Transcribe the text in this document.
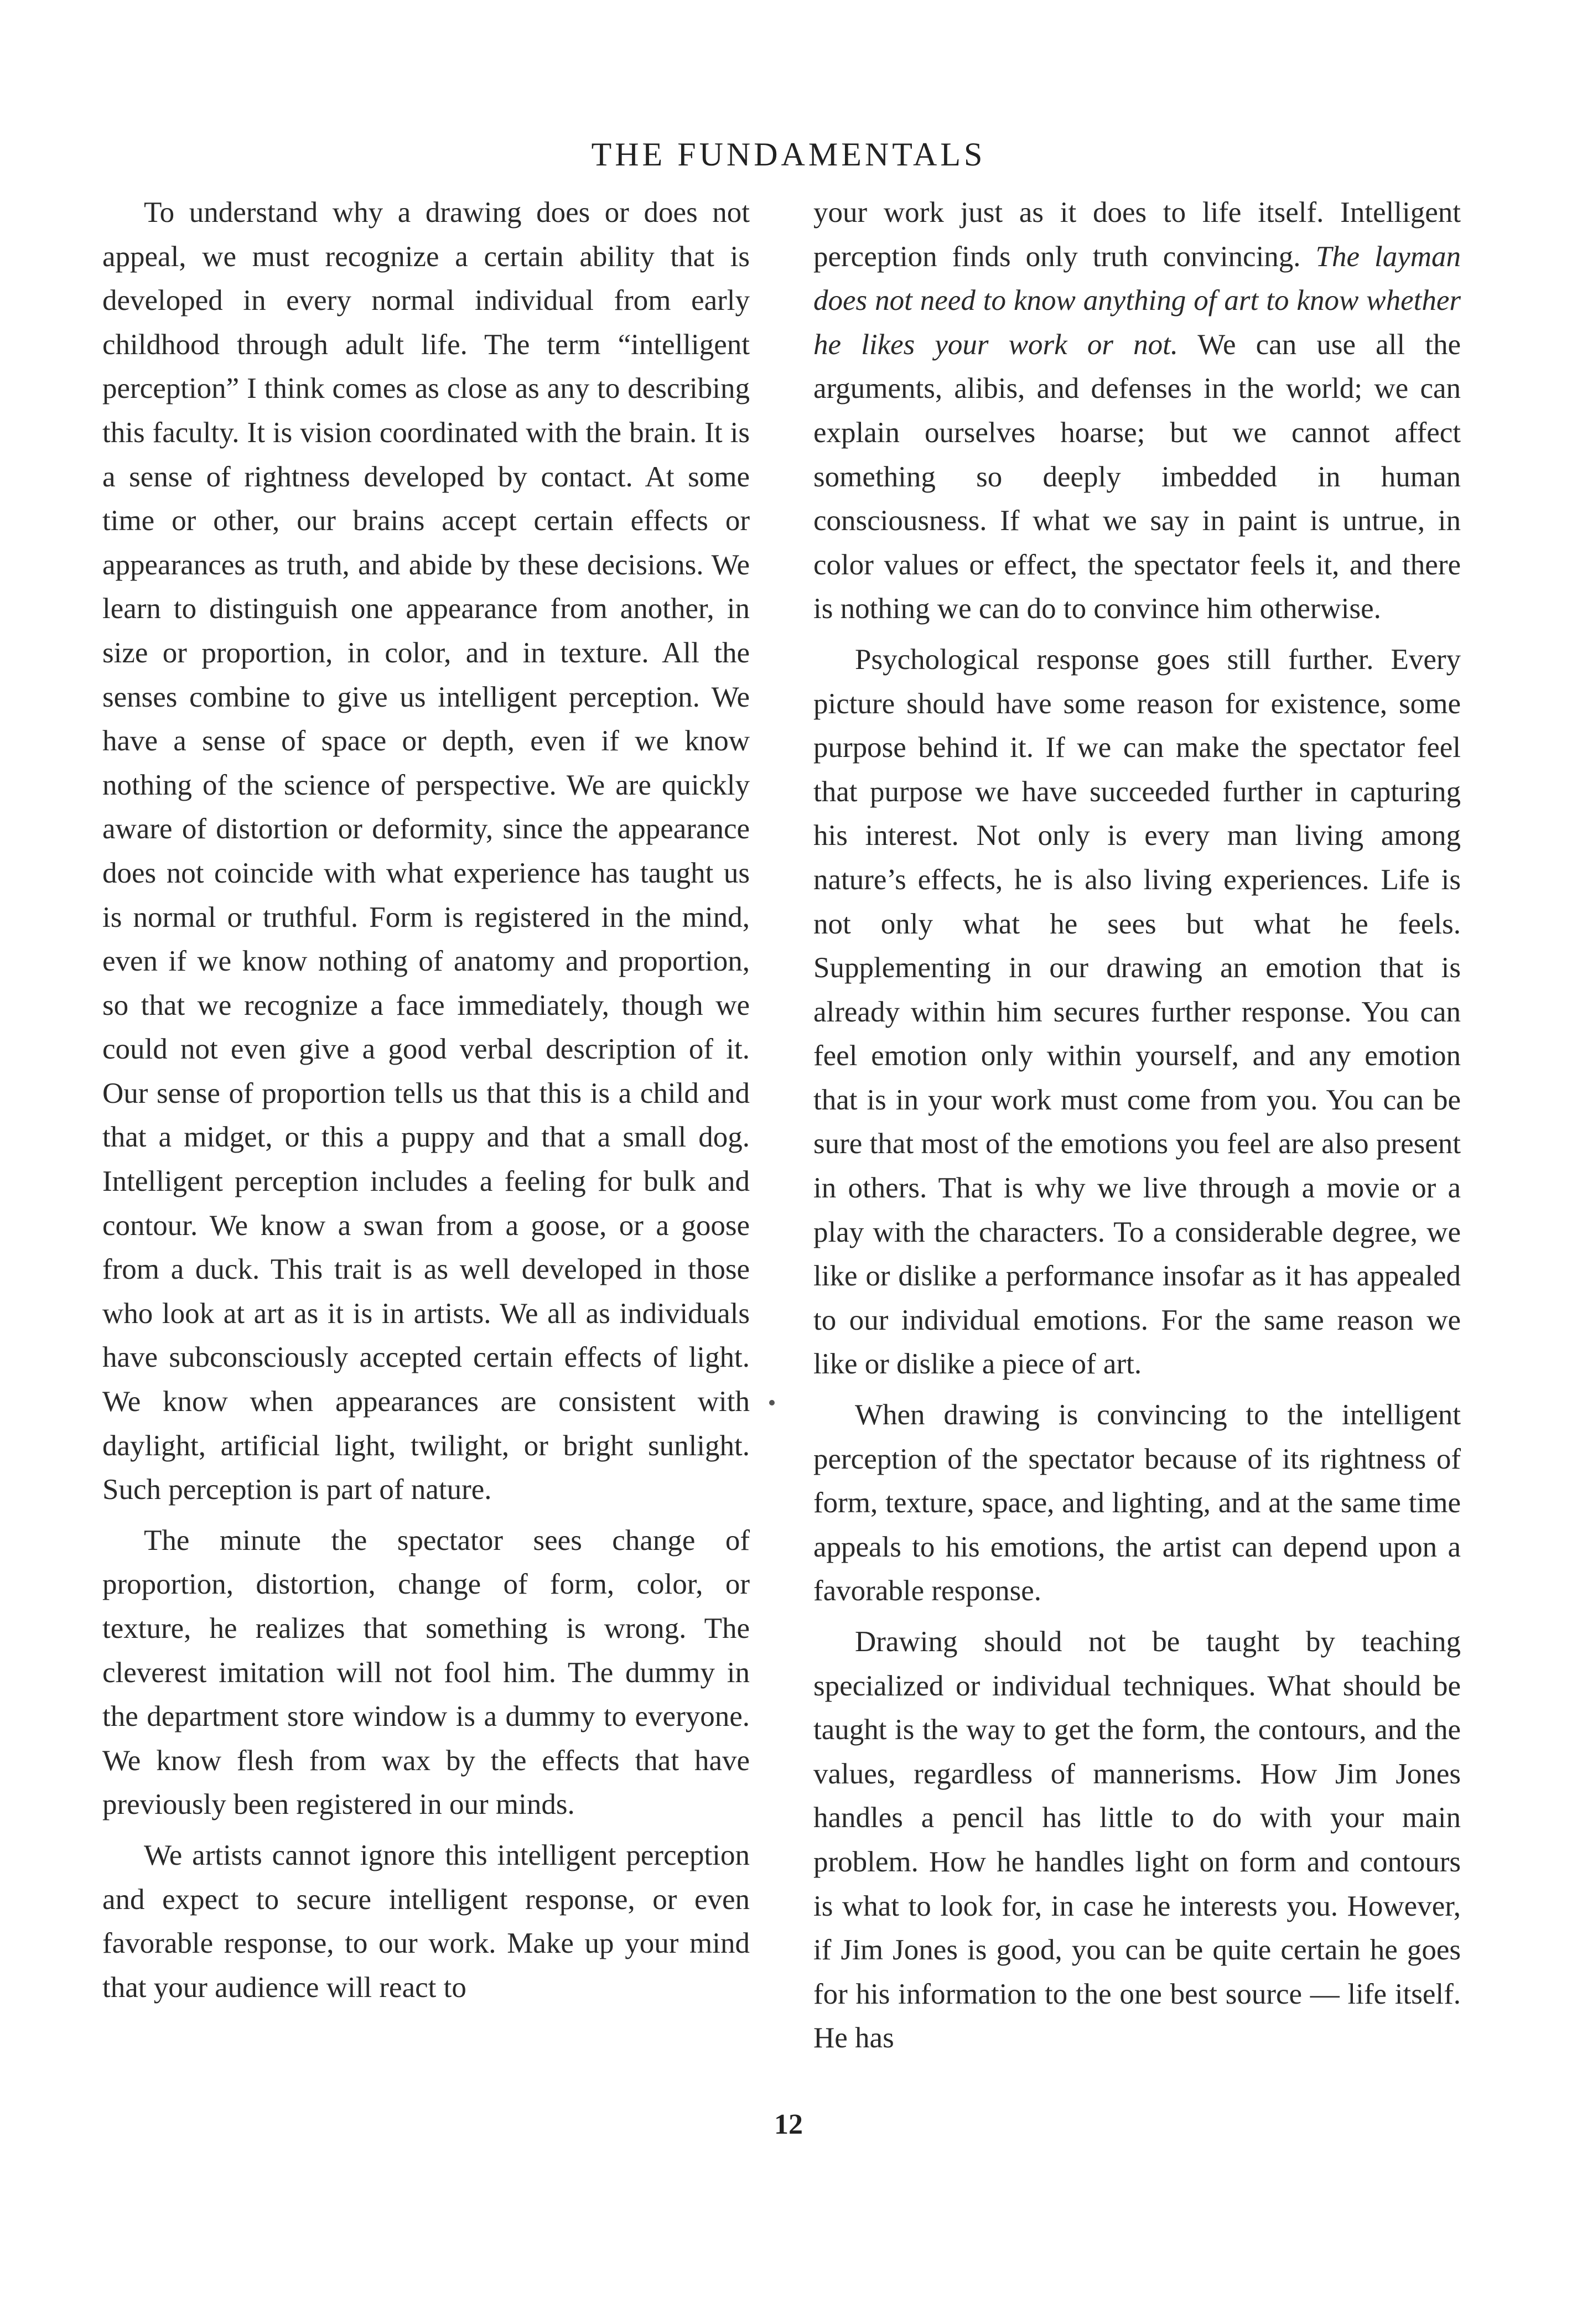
THE FUNDAMENTALS

To understand why a drawing does or does not appeal, we must recognize a certain ability that is developed in every normal individual from early childhood through adult life. The term “intelligent perception” I think comes as close as any to describing this faculty. It is vision coordinated with the brain. It is a sense of rightness developed by contact. At some time or other, our brains accept certain effects or appearances as truth, and abide by these decisions. We learn to distinguish one appearance from another, in size or proportion, in color, and in texture. All the senses combine to give us intelligent perception. We have a sense of space or depth, even if we know nothing of the science of perspective. We are quickly aware of distortion or deformity, since the appearance does not coincide with what experience has taught us is normal or truthful. Form is registered in the mind, even if we know nothing of anatomy and proportion, so that we recognize a face immediately, though we could not even give a good verbal description of it. Our sense of proportion tells us that this is a child and that a midget, or this a puppy and that a small dog. Intelligent perception includes a feeling for bulk and contour. We know a swan from a goose, or a goose from a duck. This trait is as well developed in those who look at art as it is in artists. We all as individuals have subconsciously accepted certain effects of light. We know when appearances are consistent with daylight, artificial light, twilight, or bright sunlight. Such perception is part of nature.

The minute the spectator sees change of proportion, distortion, change of form, color, or texture, he realizes that something is wrong. The cleverest imitation will not fool him. The dummy in the department store window is a dummy to everyone. We know flesh from wax by the effects that have previously been registered in our minds.

We artists cannot ignore this intelligent perception and expect to secure intelligent response, or even favorable response, to our work. Make up your mind that your audience will react to

your work just as it does to life itself. Intelligent perception finds only truth convincing. The layman does not need to know anything of art to know whether he likes your work or not. We can use all the arguments, alibis, and defenses in the world; we can explain ourselves hoarse; but we cannot affect something so deeply imbedded in human consciousness. If what we say in paint is untrue, in color values or effect, the spectator feels it, and there is nothing we can do to convince him otherwise.

Psychological response goes still further. Every picture should have some reason for existence, some purpose behind it. If we can make the spectator feel that purpose we have succeeded further in capturing his interest. Not only is every man living among nature’s effects, he is also living experiences. Life is not only what he sees but what he feels. Supplementing in our drawing an emotion that is already within him secures further response. You can feel emotion only within yourself, and any emotion that is in your work must come from you. You can be sure that most of the emotions you feel are also present in others. That is why we live through a movie or a play with the characters. To a considerable degree, we like or dislike a performance insofar as it has appealed to our individual emotions. For the same reason we like or dislike a piece of art.

When drawing is convincing to the intelligent perception of the spectator because of its rightness of form, texture, space, and lighting, and at the same time appeals to his emotions, the artist can depend upon a favorable response.

Drawing should not be taught by teaching specialized or individual techniques. What should be taught is the way to get the form, the contours, and the values, regardless of mannerisms. How Jim Jones handles a pencil has little to do with your main problem. How he handles light on form and contours is what to look for, in case he interests you. However, if Jim Jones is good, you can be quite certain he goes for his information to the one best source — life itself. He has

12
